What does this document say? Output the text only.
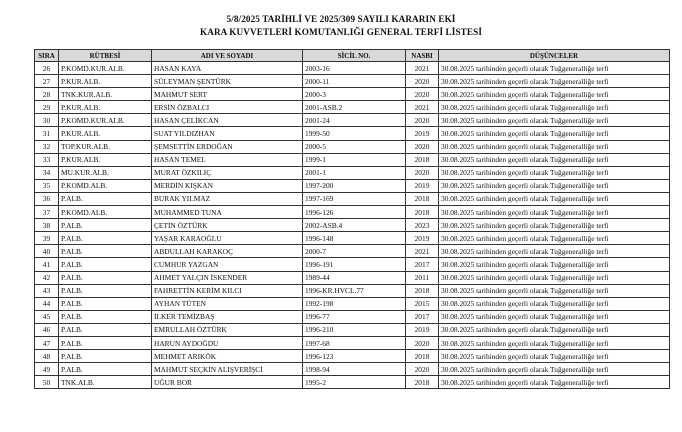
5/8/2025 TARİHLİ VE 2025/309 SAYILI KARARIN EKİ
KARA KUVVETLERİ KOMUTANLIĞI GENERAL TERFİ LİSTESİ
SIRA	RÜTBESİ	ADI VE SOYADI	SİCİL NO.	NASBI	DÜŞÜNCELER
26	P.KOMD.KUR.ALB.	HASAN KAYA	2003-16	2021	30.08.2025 tarihinden geçerli olarak Tuğgeneralliğe terfi
27	P.KUR.ALB.	SÜLEYMAN ŞENTÜRK	2000-11	2020	30.08.2025 tarihinden geçerli olarak Tuğgeneralliğe terfi
28	TNK.KUR.ALB.	MAHMUT SERT	2000-3	2020	30.08.2025 tarihinden geçerli olarak Tuğgeneralliğe terfi
29	P.KUR.ALB.	ERSİN ÖZBALCI	2001-ASB.2	2021	30.08.2025 tarihinden geçerli olarak Tuğgeneralliğe terfi
30	P.KOMD.KUR.ALB.	HASAN ÇELİKCAN	2001-24	2020	30.08.2025 tarihinden geçerli olarak Tuğgeneralliğe terfi
31	P.KUR.ALB.	SUAT YILDIZHAN	1999-50	2019	30.08.2025 tarihinden geçerli olarak Tuğgeneralliğe terfi
32	TOP.KUR.ALB.	ŞEMSETTİN ERDOĞAN	2000-5	2020	30.08.2025 tarihinden geçerli olarak Tuğgeneralliğe terfi
33	P.KUR.ALB.	HASAN TEMEL	1999-1	2018	30.08.2025 tarihinden geçerli olarak Tuğgeneralliğe terfi
34	MU.KUR.ALB.	MURAT ÖZKILIÇ	2001-1	2020	30.08.2025 tarihinden geçerli olarak Tuğgeneralliğe terfi
35	P.KOMD.ALB.	MERDİN KIŞKAN	1997-200	2019	30.08.2025 tarihinden geçerli olarak Tuğgeneralliğe terfi
36	P.ALB.	BURAK YILMAZ	1997-169	2018	30.08.2025 tarihinden geçerli olarak Tuğgeneralliğe terfi
37	P.KOMD.ALB.	MUHAMMED TUNA	1996-126	2018	30.08.2025 tarihinden geçerli olarak Tuğgeneralliğe terfi
38	P.ALB.	ÇETİN ÖZTÜRK	2002-ASB.4	2023	30.08.2025 tarihinden geçerli olarak Tuğgeneralliğe terfi
39	P.ALB.	YAŞAR KARAOĞLU	1996-148	2019	30.08.2025 tarihinden geçerli olarak Tuğgeneralliğe terfi
40	P.ALB.	ABDULLAH KARAKOÇ	2000-7	2021	30.08.2025 tarihinden geçerli olarak Tuğgeneralliğe terfi
41	P.ALB.	CUMHUR YAZGAN	1996-191	2017	30.08.2025 tarihinden geçerli olarak Tuğgeneralliğe terfi
42	P.ALB.	AHMET YALÇIN İSKENDER	1989-44	2011	30.08.2025 tarihinden geçerli olarak Tuğgeneralliğe terfi
43	P.ALB.	FAHRETTİN KERİM KILCI	1996-KR.HVCL.77	2018	30.08.2025 tarihinden geçerli olarak Tuğgeneralliğe terfi
44	P.ALB.	AYHAN TÜTEN	1992-198	2015	30.08.2025 tarihinden geçerli olarak Tuğgeneralliğe terfi
45	P.ALB.	İLKER TEMİZBAŞ	1996-77	2017	30.08.2025 tarihinden geçerli olarak Tuğgeneralliğe terfi
46	P.ALB.	EMRULLAH ÖZTÜRK	1996-210	2019	30.08.2025 tarihinden geçerli olarak Tuğgeneralliğe terfi
47	P.ALB.	HARUN AYDOĞDU	1997-68	2020	30.08.2025 tarihinden geçerli olarak Tuğgeneralliğe terfi
48	P.ALB.	MEHMET ARIKÖK	1996-123	2018	30.08.2025 tarihinden geçerli olarak Tuğgeneralliğe terfi
49	P.ALB.	MAHMUT SEÇKİN ALIŞVERİŞCİ	1998-94	2020	30.08.2025 tarihinden geçerli olarak Tuğgeneralliğe terfi
50	TNK.ALB.	UĞUR BOR	1995-2	2018	30.08.2025 tarihinden geçerli olarak Tuğgeneralliğe terfi
